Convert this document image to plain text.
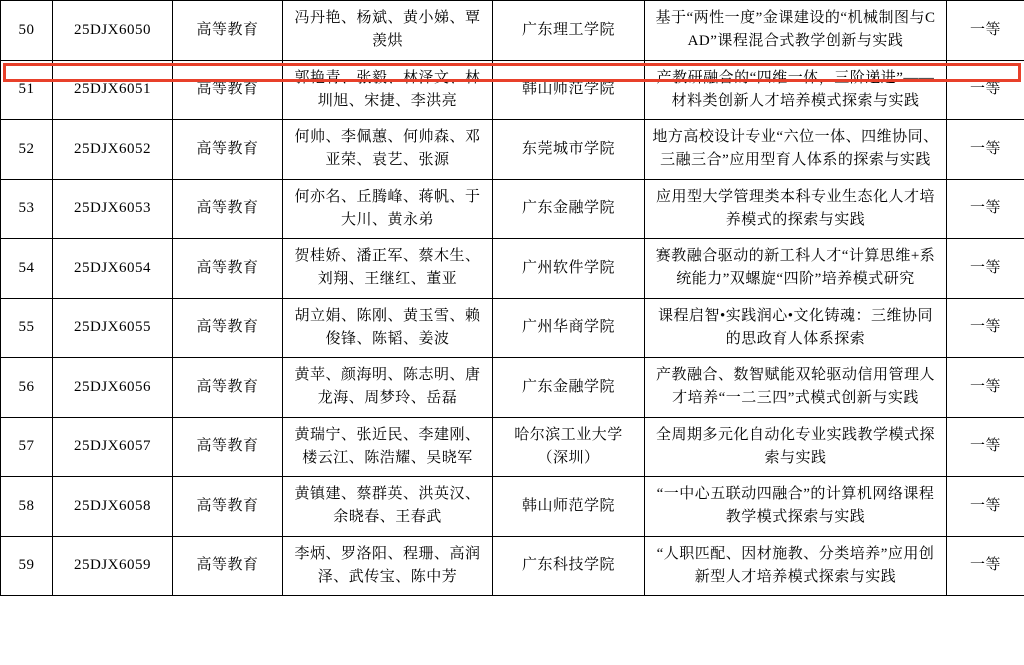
50	25DJX6050	高等教育	冯丹艳、杨斌、黄小娣、覃羡烘	广东理工学院	基于“两性一度”金课建设的“机械制图与CAD”课程混合式教学创新与实践	一等
51	25DJX6051	高等教育	郭艳青、张毅、林泽文、林圳旭、宋捷、李洪亮	韩山师范学院	产教研融合的“四维一体，三阶递进”——材料类创新人才培养模式探索与实践	一等
52	25DJX6052	高等教育	何帅、李佩蕙、何帅森、邓亚荣、袁艺、张源	东莞城市学院	地方高校设计专业“六位一体、四维协同、三融三合”应用型育人体系的探索与实践	一等
53	25DJX6053	高等教育	何亦名、丘腾峰、蒋帆、于大川、黄永弟	广东金融学院	应用型大学管理类本科专业生态化人才培养模式的探索与实践	一等
54	25DJX6054	高等教育	贺桂娇、潘正军、蔡木生、刘翔、王继红、董亚	广州软件学院	赛教融合驱动的新工科人才“计算思维+系统能力”双螺旋“四阶”培养模式研究	一等
55	25DJX6055	高等教育	胡立娟、陈刚、黄玉雪、赖俊锋、陈韬、姜波	广州华商学院	课程启智•实践润心•文化铸魂：三维协同的思政育人体系探索	一等
56	25DJX6056	高等教育	黄苹、颜海明、陈志明、唐龙海、周梦玲、岳磊	广东金融学院	产教融合、数智赋能双轮驱动信用管理人才培养“一二三四”式模式创新与实践	一等
57	25DJX6057	高等教育	黄瑞宁、张近民、李建刚、楼云江、陈浩耀、吴晓军	哈尔滨工业大学（深圳）	全周期多元化自动化专业实践教学模式探索与实践	一等
58	25DJX6058	高等教育	黄镇建、蔡群英、洪英汉、余晓春、王春武	韩山师范学院	“一中心五联动四融合”的计算机网络课程教学模式探索与实践	一等
59	25DJX6059	高等教育	李炳、罗洛阳、程珊、高润泽、武传宝、陈中芳	广东科技学院	“人职匹配、因材施教、分类培养”应用创新型人才培养模式探索与实践	一等
